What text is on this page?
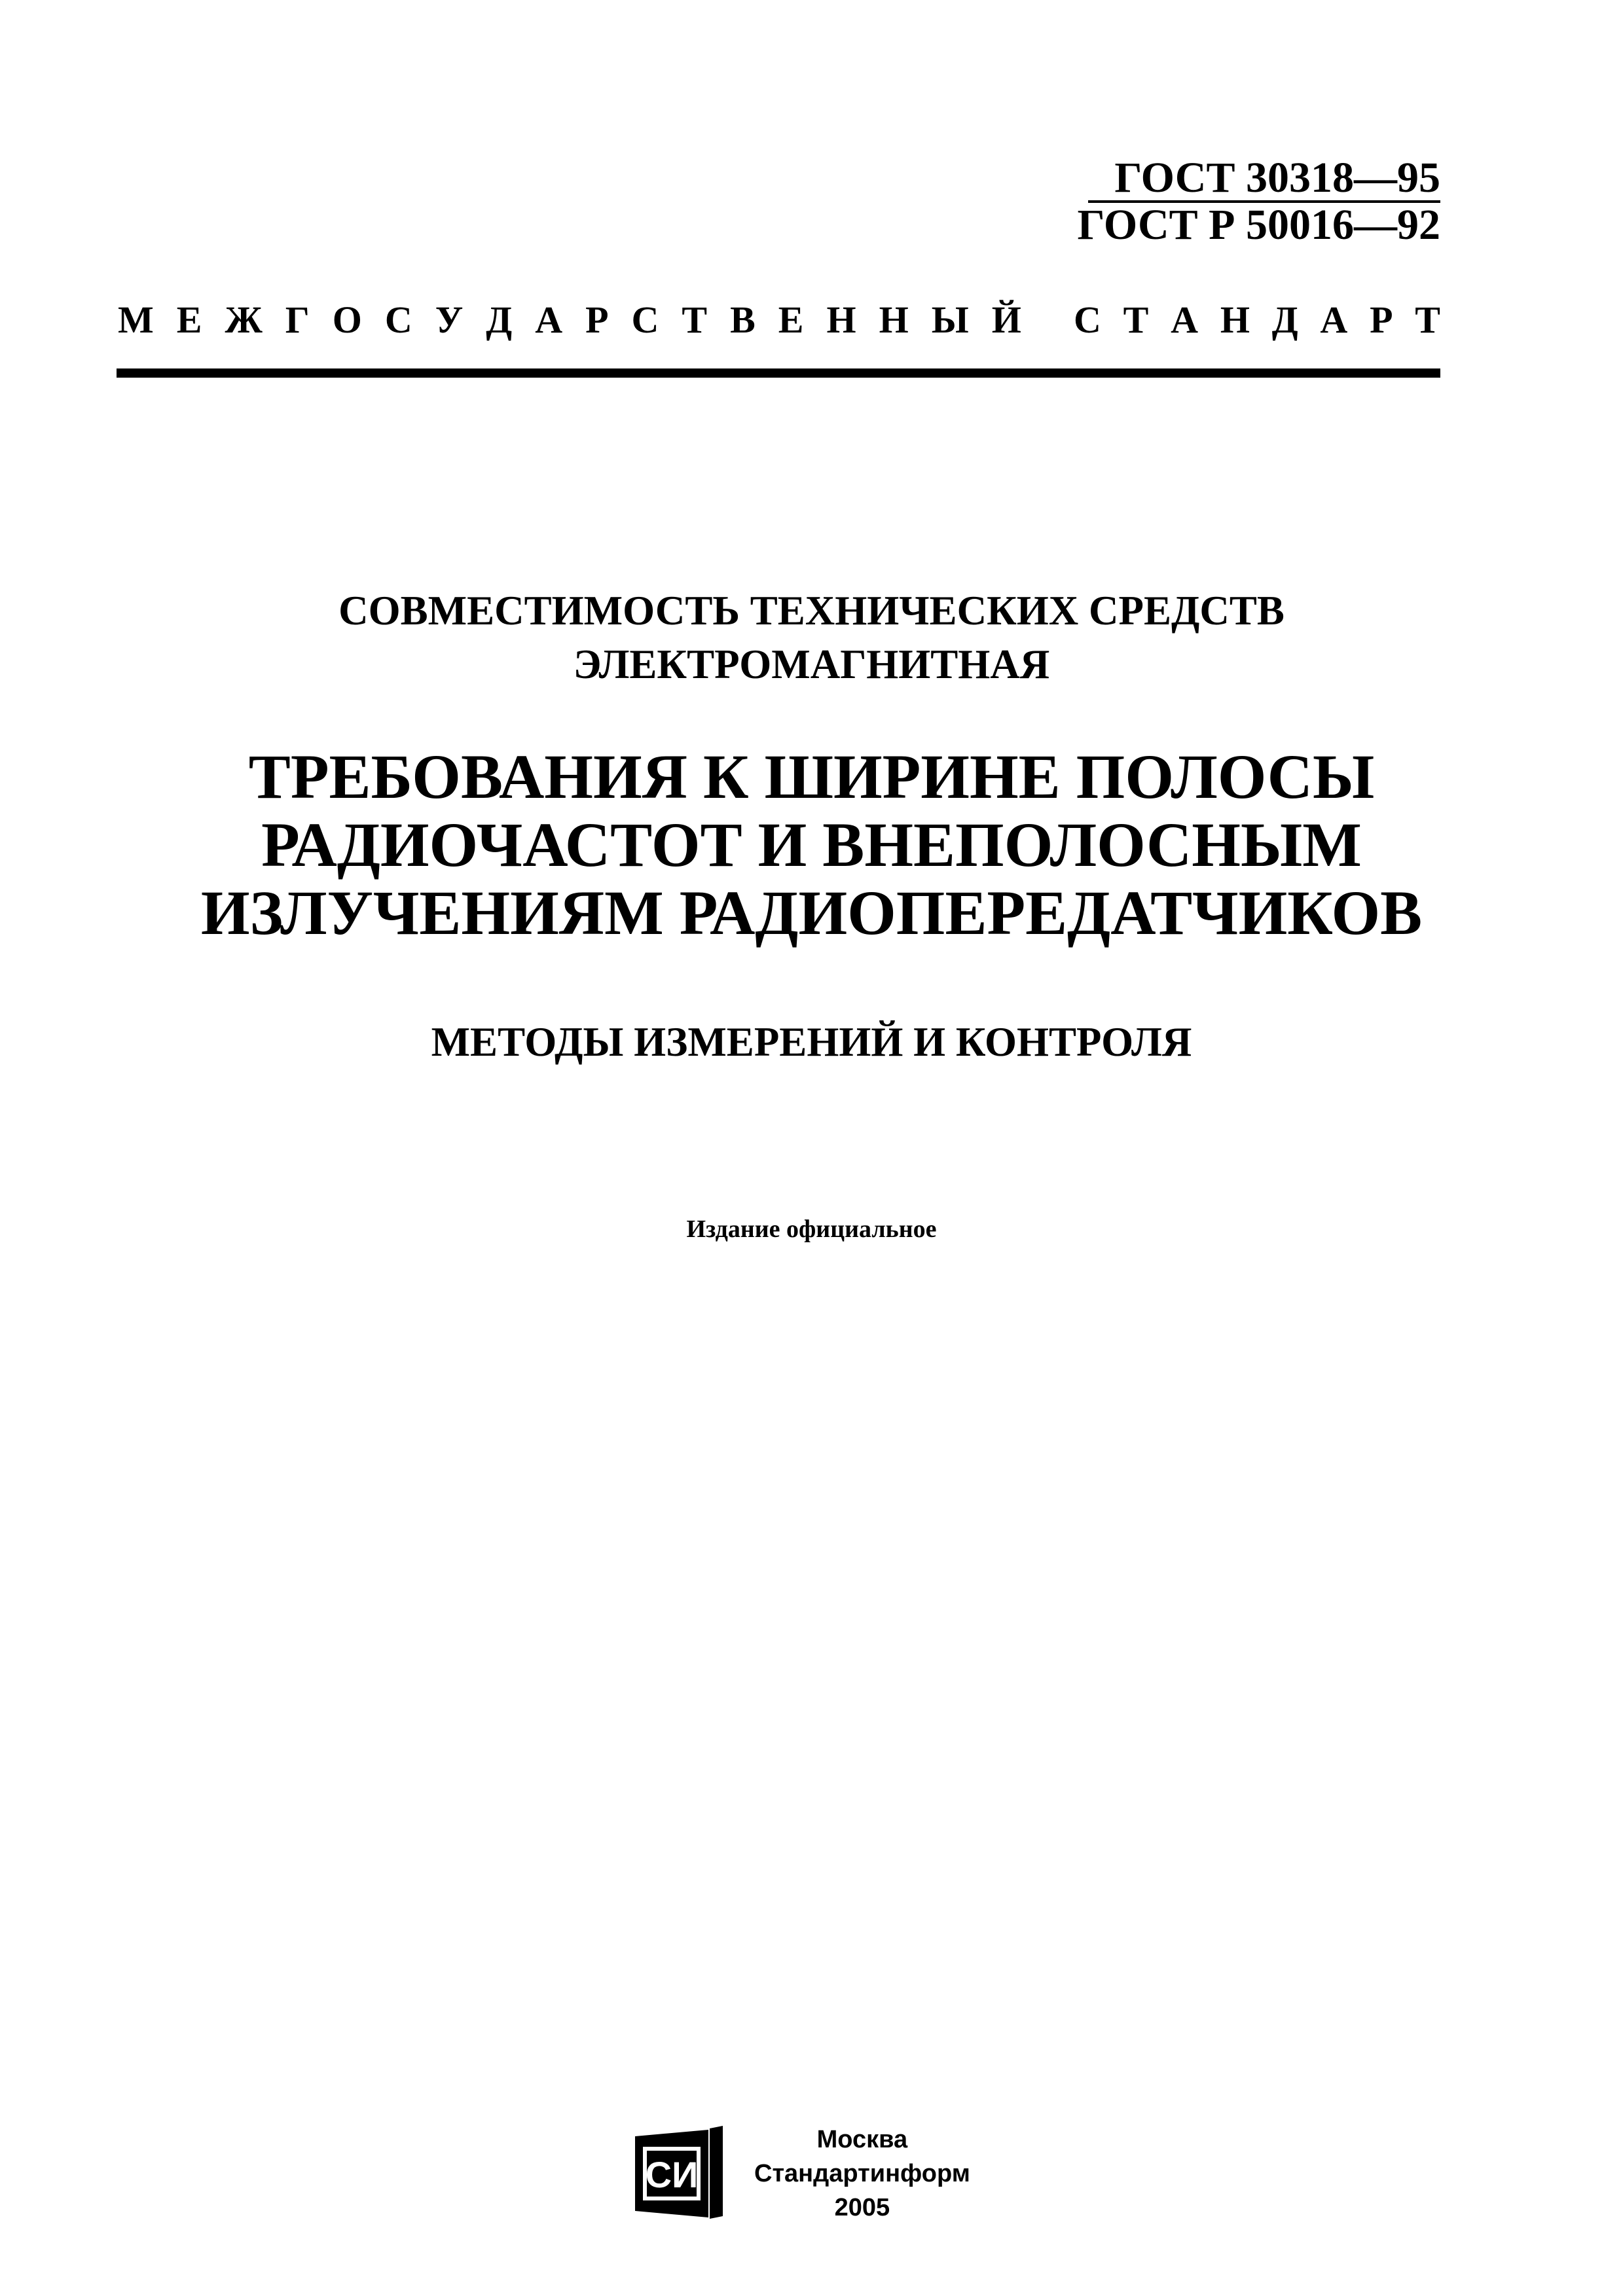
ГОСТ 30318—95
ГОСТ Р 50016—92
М Е Ж Г О С У Д А Р С Т В Е Н Н Ы Й С Т А Н Д А Р Т
СОВМЕСТИМОСТЬ ТЕХНИЧЕСКИХ СРЕДСТВ
ЭЛЕКТРОМАГНИТНАЯ
ТРЕБОВАНИЯ К ШИРИНЕ ПОЛОСЫ
РАДИОЧАСТОТ И ВНЕПОЛОСНЫМ
ИЗЛУЧЕНИЯМ РАДИОПЕРЕДАТЧИКОВ
МЕТОДЫ ИЗМЕРЕНИЙ И КОНТРОЛЯ
Издание официальное
СИ
Москва
Стандартинформ
2005
